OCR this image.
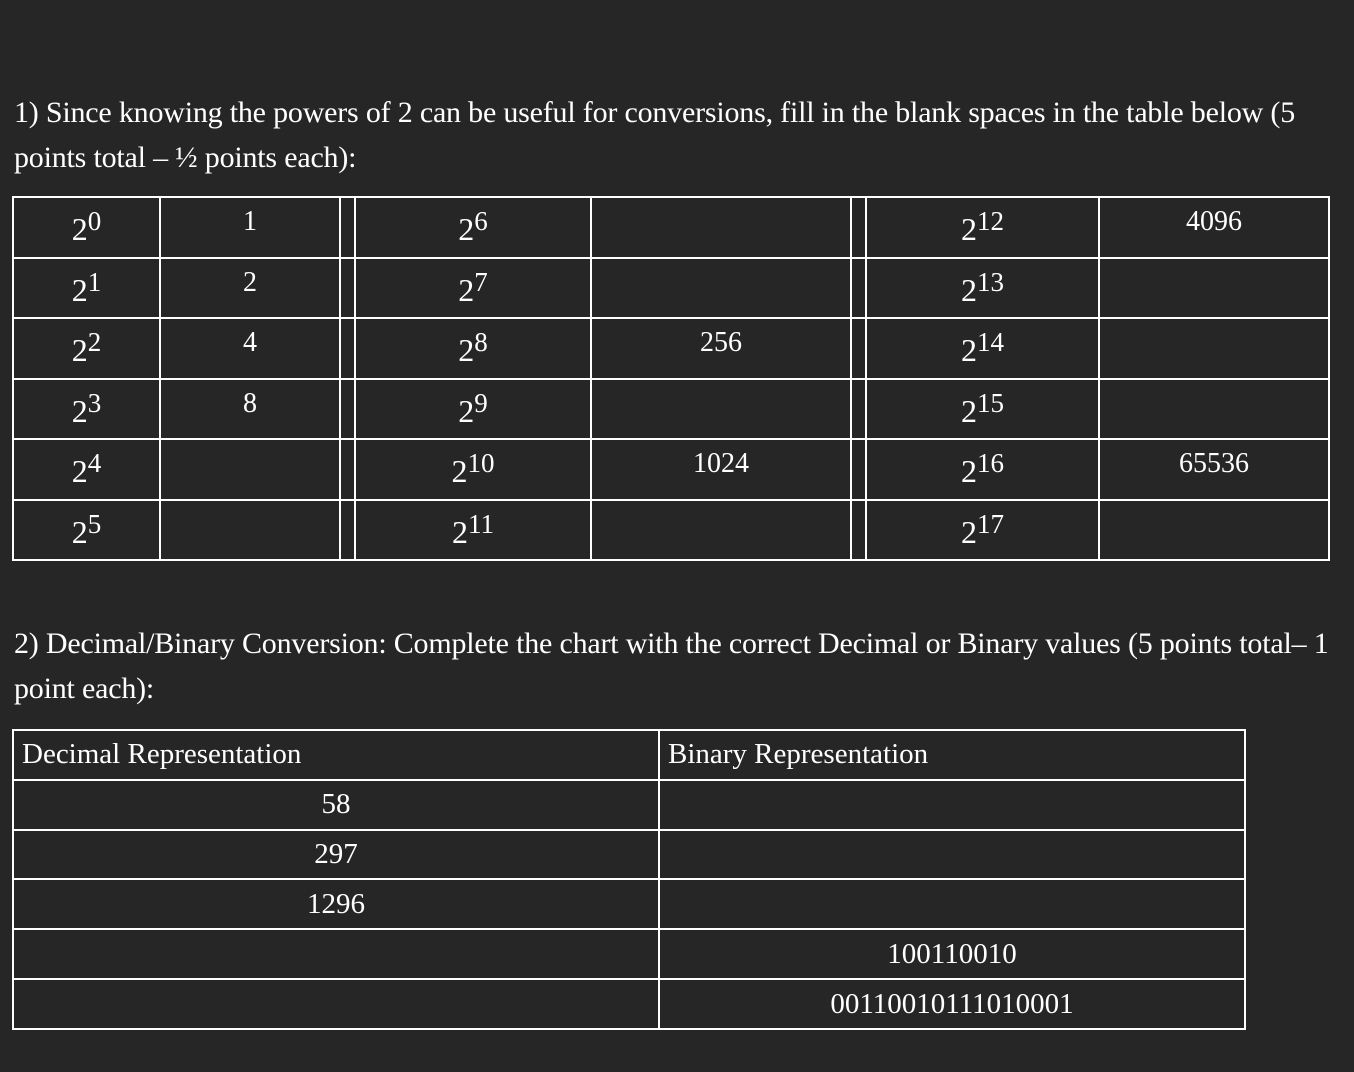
1) Since knowing the powers of 2 can be useful for conversions, fill in the blank spaces in the table below (5 points total – ½ points each):

$2^0$	1		$2^6$			$2^{12}$	4096
$2^1$	2		$2^7$			$2^{13}$	
$2^2$	4		$2^8$	256		$2^{14}$	
$2^3$	8		$2^9$			$2^{15}$	
$2^4$			$2^{10}$	1024		$2^{16}$	65536
$2^5$			$2^{11}$			$2^{17}$	

2) Decimal/Binary Conversion: Complete the chart with the correct Decimal or Binary values (5 points total– 1 point each):

Decimal Representation	Binary Representation
58	
297	
1296	
	100110010
	00110010111010001
